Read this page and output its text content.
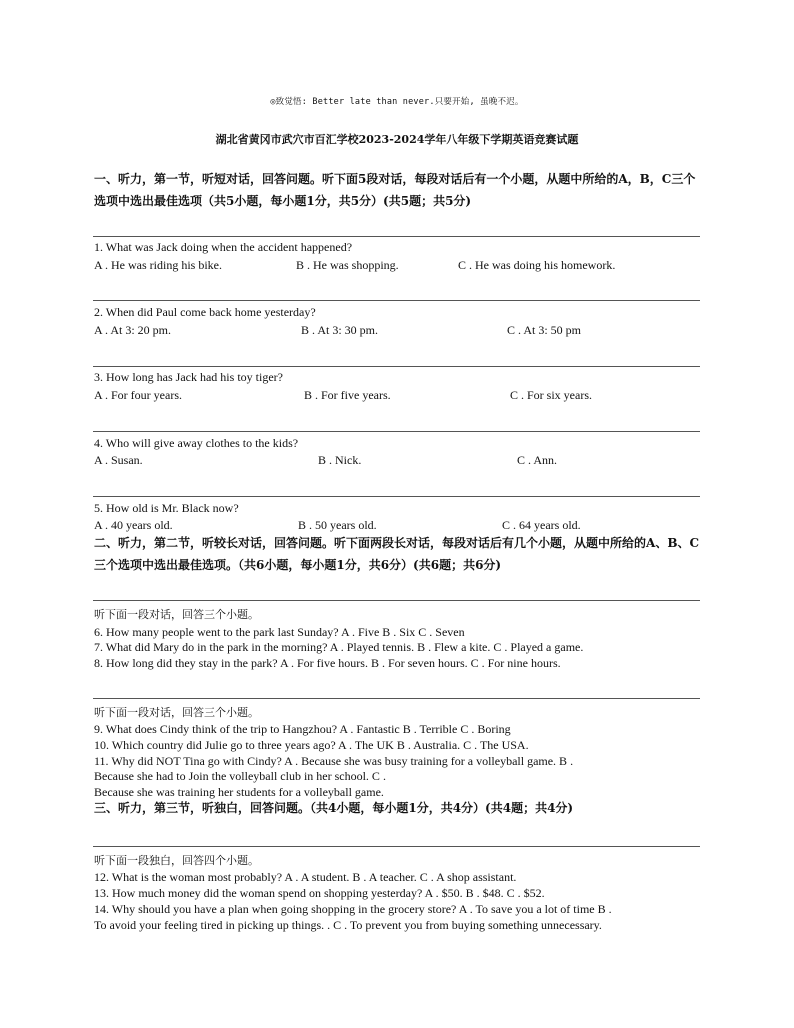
◎致觉悟: Better late than never.只要开始, 虽晚不迟。
湖北省黄冈市武穴市百汇学校2023-2024学年八年级下学期英语竞赛试题
一、听力，第一节，听短对话，回答问题。听下面5段对话，每段对话后有一个小题，从题中所给的A，B，C三个选项中选出最佳选项（共5小题，每小题1分，共5分）(共5题；共5分)
1. What was Jack doing when the accident happened?
A . He was riding his bike.	B . He was shopping.	C . He was doing his homework.
2. When did Paul come back home yesterday?
A . At 3: 20 pm.	B . At 3: 30 pm.	C . At 3: 50 pm
3. How long has Jack had his toy tiger?
A . For four years.	B . For five years.	C . For six years.
4. Who will give away clothes to the kids?
A . Susan.	B . Nick.	C . Ann.
5. How old is Mr. Black now?
A . 40 years old.	B . 50 years old.	C . 64 years old.
二、听力，第二节，听较长对话，回答问题。听下面两段长对话，每段对话后有几个小题，从题中所给的A、B、C三个选项中选出最佳选项。（共6小题，每小题1分，共6分）(共6题；共6分)
听下面一段对话，回答三个小题。
6. How many people went to the park last Sunday? A . Five B . Six C . Seven
7. What did Mary do in the park in the morning? A . Played tennis. B . Flew a kite. C . Played a game.
8. How long did they stay in the park? A . For five hours. B . For seven hours. C . For nine hours.
听下面一段对话，回答三个小题。
9. What does Cindy think of the trip to Hangzhou? A . Fantastic B . Terrible C . Boring
10. Which country did Julie go to three years ago? A . The UK B . Australia. C . The USA.
11. Why did NOT Tina go with Cindy? A . Because she was busy training for a volleyball game. B .
Because she had to Join the volleyball club in her school. C .
Because she was training her students for a volleyball game.
三、听力，第三节，听独白，回答问题。（共4小题，每小题1分，共4分）(共4题；共4分)
听下面一段独白，回答四个小题。
12. What is the woman most probably? A . A student. B . A teacher. C . A shop assistant.
13. How much money did the woman spend on shopping yesterday? A . $50. B . $48. C . $52.
14. Why should you have a plan when going shopping in the grocery store? A . To save you a lot of time B .
To avoid your feeling tired in picking up things. . C . To prevent you from buying something unnecessary.
